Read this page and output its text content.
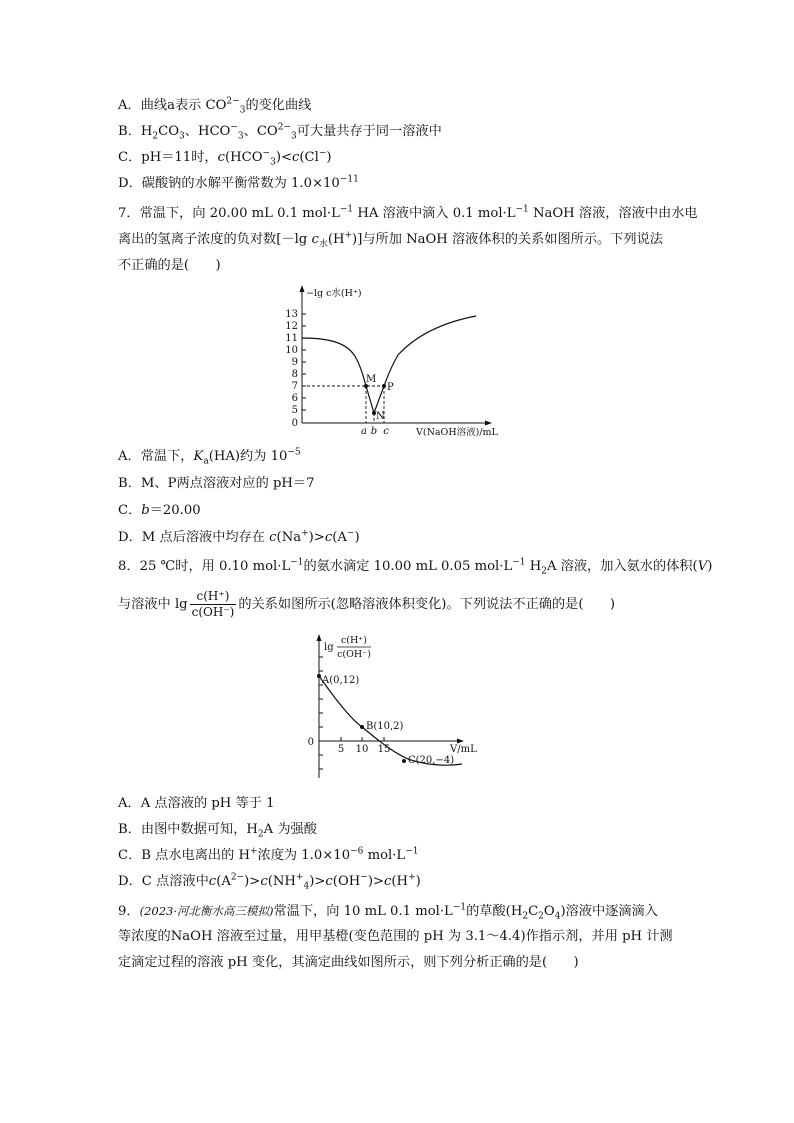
A．曲线a表示 $CO^{2-}_3$的变化曲线
B．$H_2CO_3$、$HCO^-_3$、$CO^{2-}_3$可大量共存于同一溶液中
C．pH＝11时，$c(HCO^-_3)<c(Cl^-)$
D．碳酸钠的水解平衡常数为 $1.0\times 10^{-11}$
7．常温下，向 20.00 mL 0.1 $mol\cdot L^{-1}$ HA 溶液中滴入 0.1 $mol\cdot L^{-1}$ NaOH 溶液，溶液中由水电
离出的氢离子浓度的负对数[－lg $c_水(H^+)$]与所加 NaOH 溶液体积的关系如图所示。下列说法
不正确的是(　　)
−lg c水(H⁺)
13
12
11
10
9
8
7
6
5
0
M
N
P
a b c	V(NaOH溶液)/mL
A．常温下，$K_a(HA)$约为 $10^{-5}$
B．M、P两点溶液对应的 pH＝7
C．b＝20.00
D．M 点后溶液中均存在 c(Na+)>c(A−)
8．25 ℃时，用 0.10 $mol\cdot L^{-1}$的氨水滴定 10.00 mL 0.05 $mol\cdot L^{-1}$ $H_2A$ 溶液，加入氨水的体积(V)
与溶液中 $\lg \frac{c(H^+)}{c(OH^-)}$ 的关系如图所示(忽略溶液体积变化)。下列说法不正确的是(　　)
lg
c(H⁺)
c(OH⁻)
0
5 10 15	V/mL
A(0,12)
B(10,2)
C(20,−4)
A．A 点溶液的 pH 等于 1
B．由图中数据可知，$H_2A$ 为强酸
C．B 点水电离出的 H+浓度为 $1.0\times 10^{-6}$ $mol\cdot L^{-1}$
D．C 点溶液中$c(A^{2-})>c(NH^+_4)>c(OH^-)>c(H^+)$
9．(2023·河北衡水高三模拟)常温下，向 10 mL 0.1 $mol\cdot L^{-1}$的草酸$(H_2C_2O_4)$溶液中逐滴滴入
等浓度的NaOH 溶液至过量，用甲基橙(变色范围的 pH 为 3.1～4.4)作指示剂，并用 pH 计测
定滴定过程的溶液 pH 变化，其滴定曲线如图所示，则下列分析正确的是(　　)
